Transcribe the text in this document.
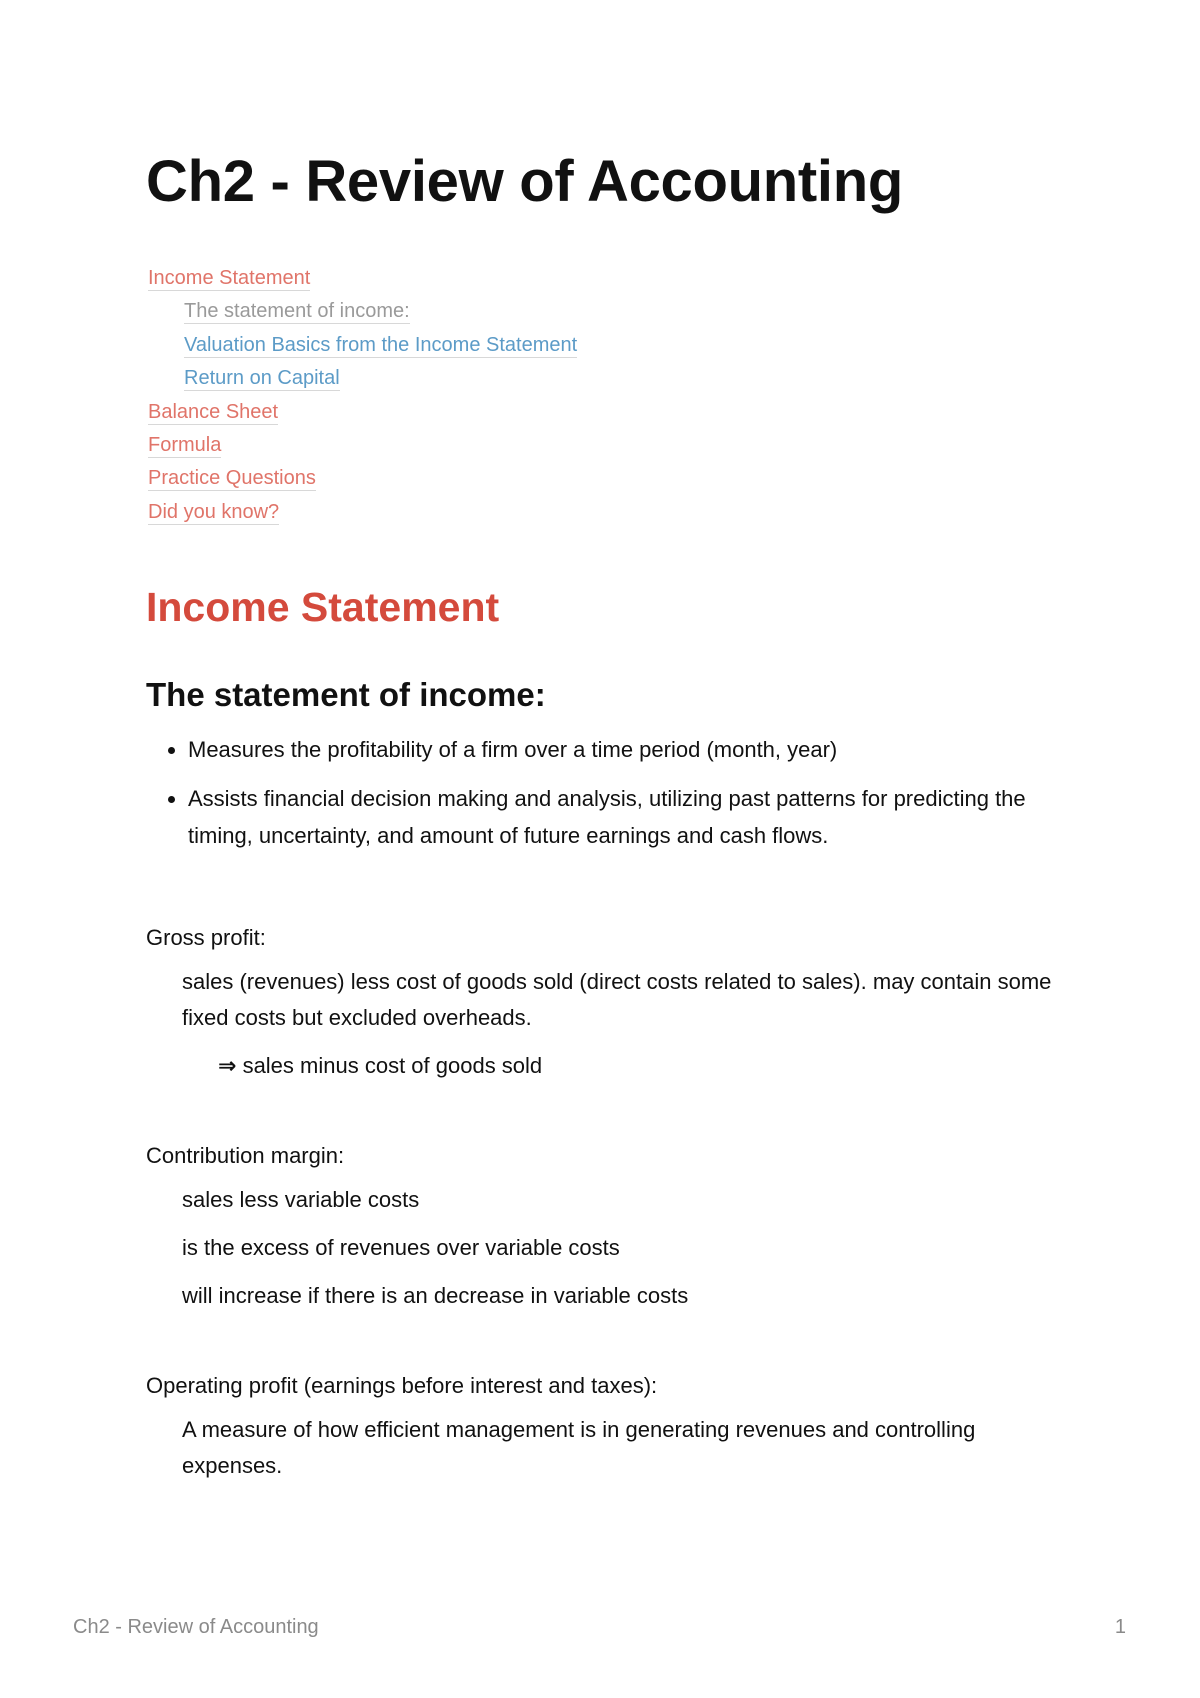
Ch2 - Review of Accounting
Income Statement
The statement of income:
Valuation Basics from the Income Statement
Return on Capital
Balance Sheet
Formula
Practice Questions
Did you know?
Income Statement
The statement of income:
• Measures the profitability of a firm over a time period (month, year)
• Assists financial decision making and analysis, utilizing past patterns for predicting the timing, uncertainty, and amount of future earnings and cash flows.

Gross profit:

sales (revenues) less cost of goods sold (direct costs related to sales). may contain some fixed costs but excluded overheads.

⇒ sales minus cost of goods sold

Contribution margin:

sales less variable costs

is the excess of revenues over variable costs

will increase if there is an decrease in variable costs

Operating profit (earnings before interest and taxes):

A measure of how efficient management is in generating revenues and controlling expenses.

Ch2 - Review of Accounting	1
